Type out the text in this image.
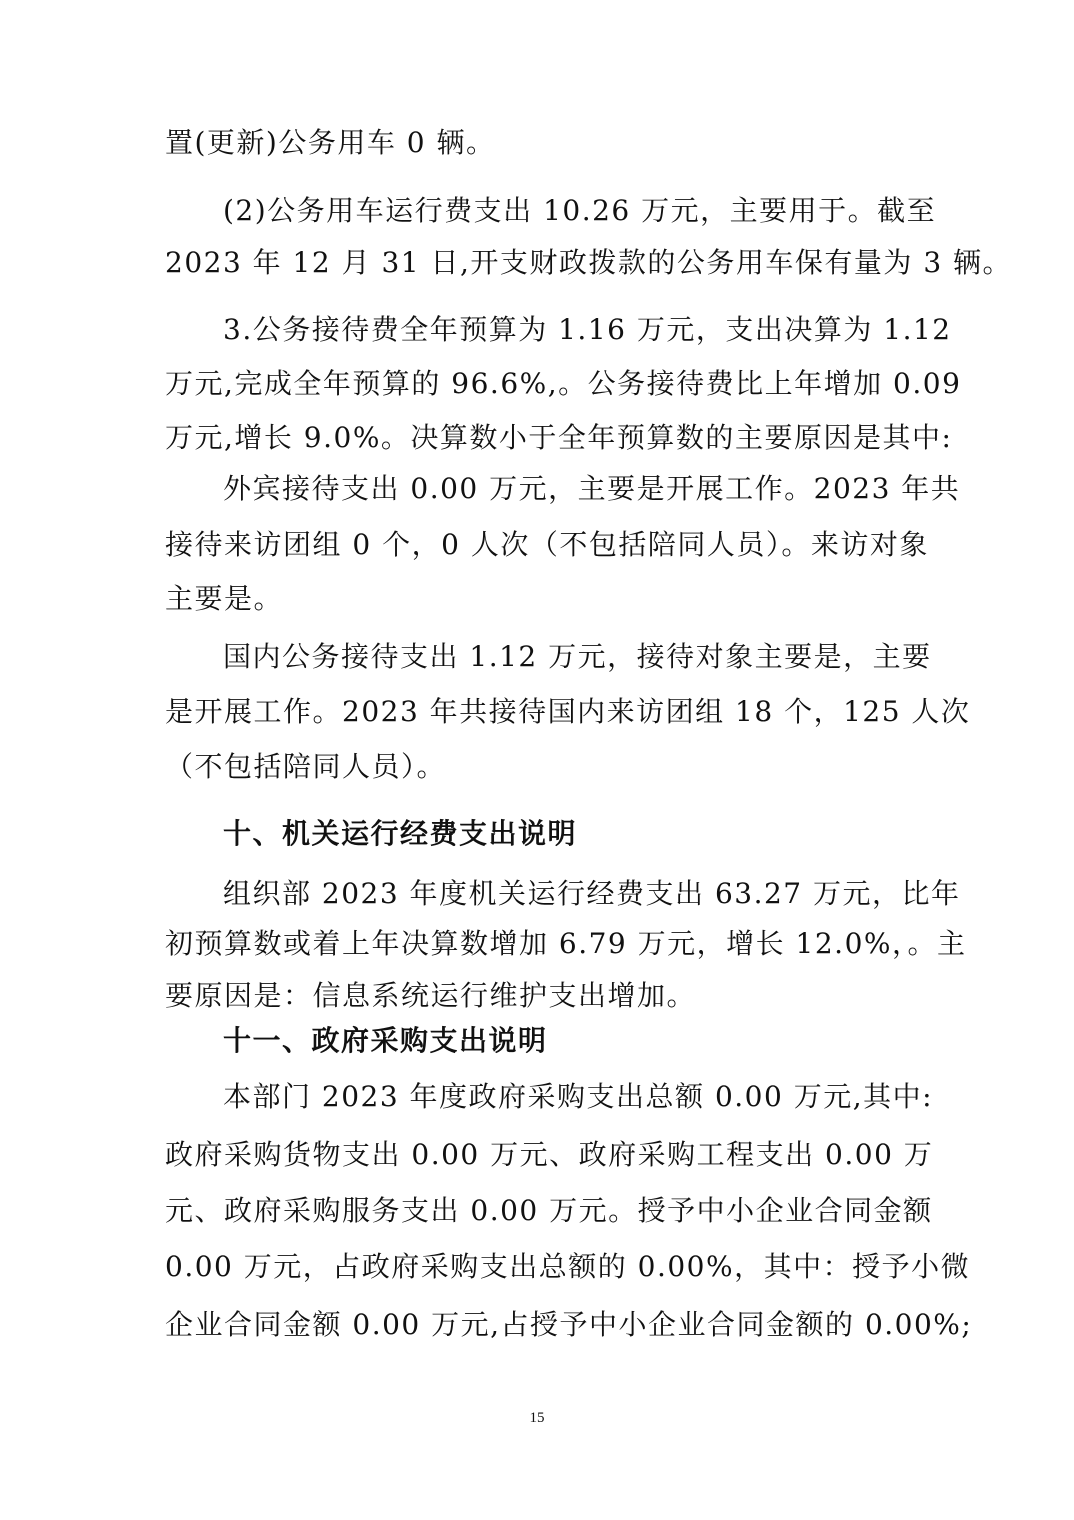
置(更新)公务用车 0 辆。
(2)公务用车运行费支出 10.26 万元，主要用于。截至
2023 年 12 月 31 日,开支财政拨款的公务用车保有量为 3 辆。
3.公务接待费全年预算为 1.16 万元，支出决算为 1.12
万元,完成全年预算的 96.6%,。公务接待费比上年增加 0.09
万元,增长 9.0%。决算数小于全年预算数的主要原因是其中:
外宾接待支出 0.00 万元，主要是开展工作。2023 年共
接待来访团组 0 个，0 人次（不包括陪同人员）。来访对象
主要是。
国内公务接待支出 1.12 万元，接待对象主要是，主要
是开展工作。2023 年共接待国内来访团组 18 个，125 人次
（不包括陪同人员）。
十、机关运行经费支出说明
组织部 2023 年度机关运行经费支出 63.27 万元，比年
初预算数或着上年决算数增加 6.79 万元，增长 12.0%，。主
要原因是：信息系统运行维护支出增加。
十一、政府采购支出说明
本部门 2023 年度政府采购支出总额 0.00 万元,其中:
政府采购货物支出 0.00 万元、政府采购工程支出 0.00 万
元、政府采购服务支出 0.00 万元。授予中小企业合同金额
0.00 万元，占政府采购支出总额的 0.00%，其中：授予小微
企业合同金额 0.00 万元,占授予中小企业合同金额的 0.00%;
15
